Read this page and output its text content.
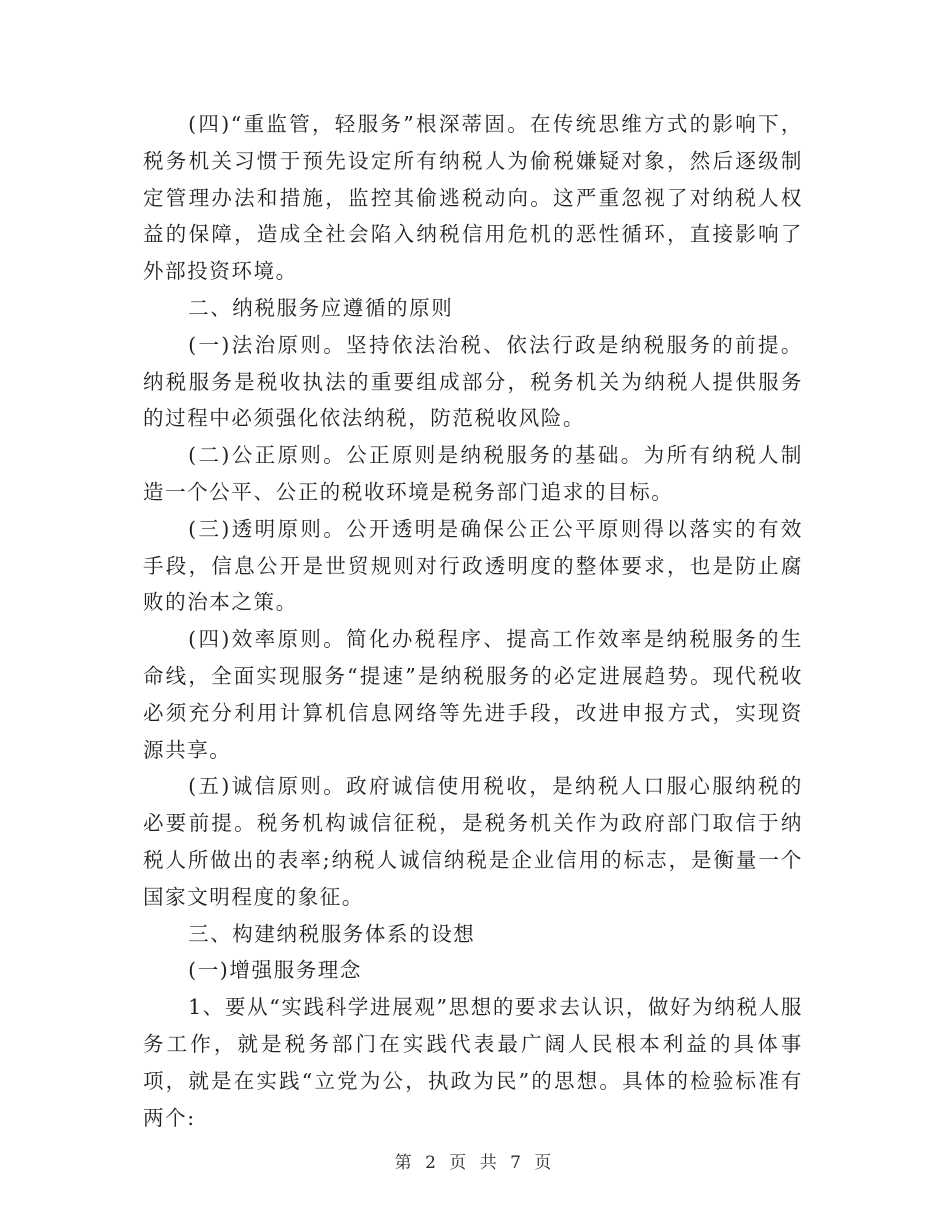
(四)“重监管，轻服务”根深蒂固。在传统思维方式的影响下，税务机关习惯于预先设定所有纳税人为偷税嫌疑对象，然后逐级制定管理办法和措施，监控其偷逃税动向。这严重忽视了对纳税人权益的保障，造成全社会陷入纳税信用危机的恶性循环，直接影响了外部投资环境。

二、纳税服务应遵循的原则

(一)法治原则。坚持依法治税、依法行政是纳税服务的前提。纳税服务是税收执法的重要组成部分，税务机关为纳税人提供服务的过程中必须强化依法纳税，防范税收风险。

(二)公正原则。公正原则是纳税服务的基础。为所有纳税人制造一个公平、公正的税收环境是税务部门追求的目标。

(三)透明原则。公开透明是确保公正公平原则得以落实的有效手段，信息公开是世贸规则对行政透明度的整体要求，也是防止腐败的治本之策。

(四)效率原则。简化办税程序、提高工作效率是纳税服务的生命线，全面实现服务“提速”是纳税服务的必定进展趋势。现代税收必须充分利用计算机信息网络等先进手段，改进申报方式，实现资源共享。

(五)诚信原则。政府诚信使用税收，是纳税人口服心服纳税的必要前提。税务机构诚信征税，是税务机关作为政府部门取信于纳税人所做出的表率;纳税人诚信纳税是企业信用的标志，是衡量一个国家文明程度的象征。

三、构建纳税服务体系的设想

(一)增强服务理念

1、要从“实践科学进展观”思想的要求去认识，做好为纳税人服务工作，就是税务部门在实践代表最广阔人民根本利益的具体事项，就是在实践“立党为公，执政为民”的思想。具体的检验标准有两个:

第 2 页 共 7 页
